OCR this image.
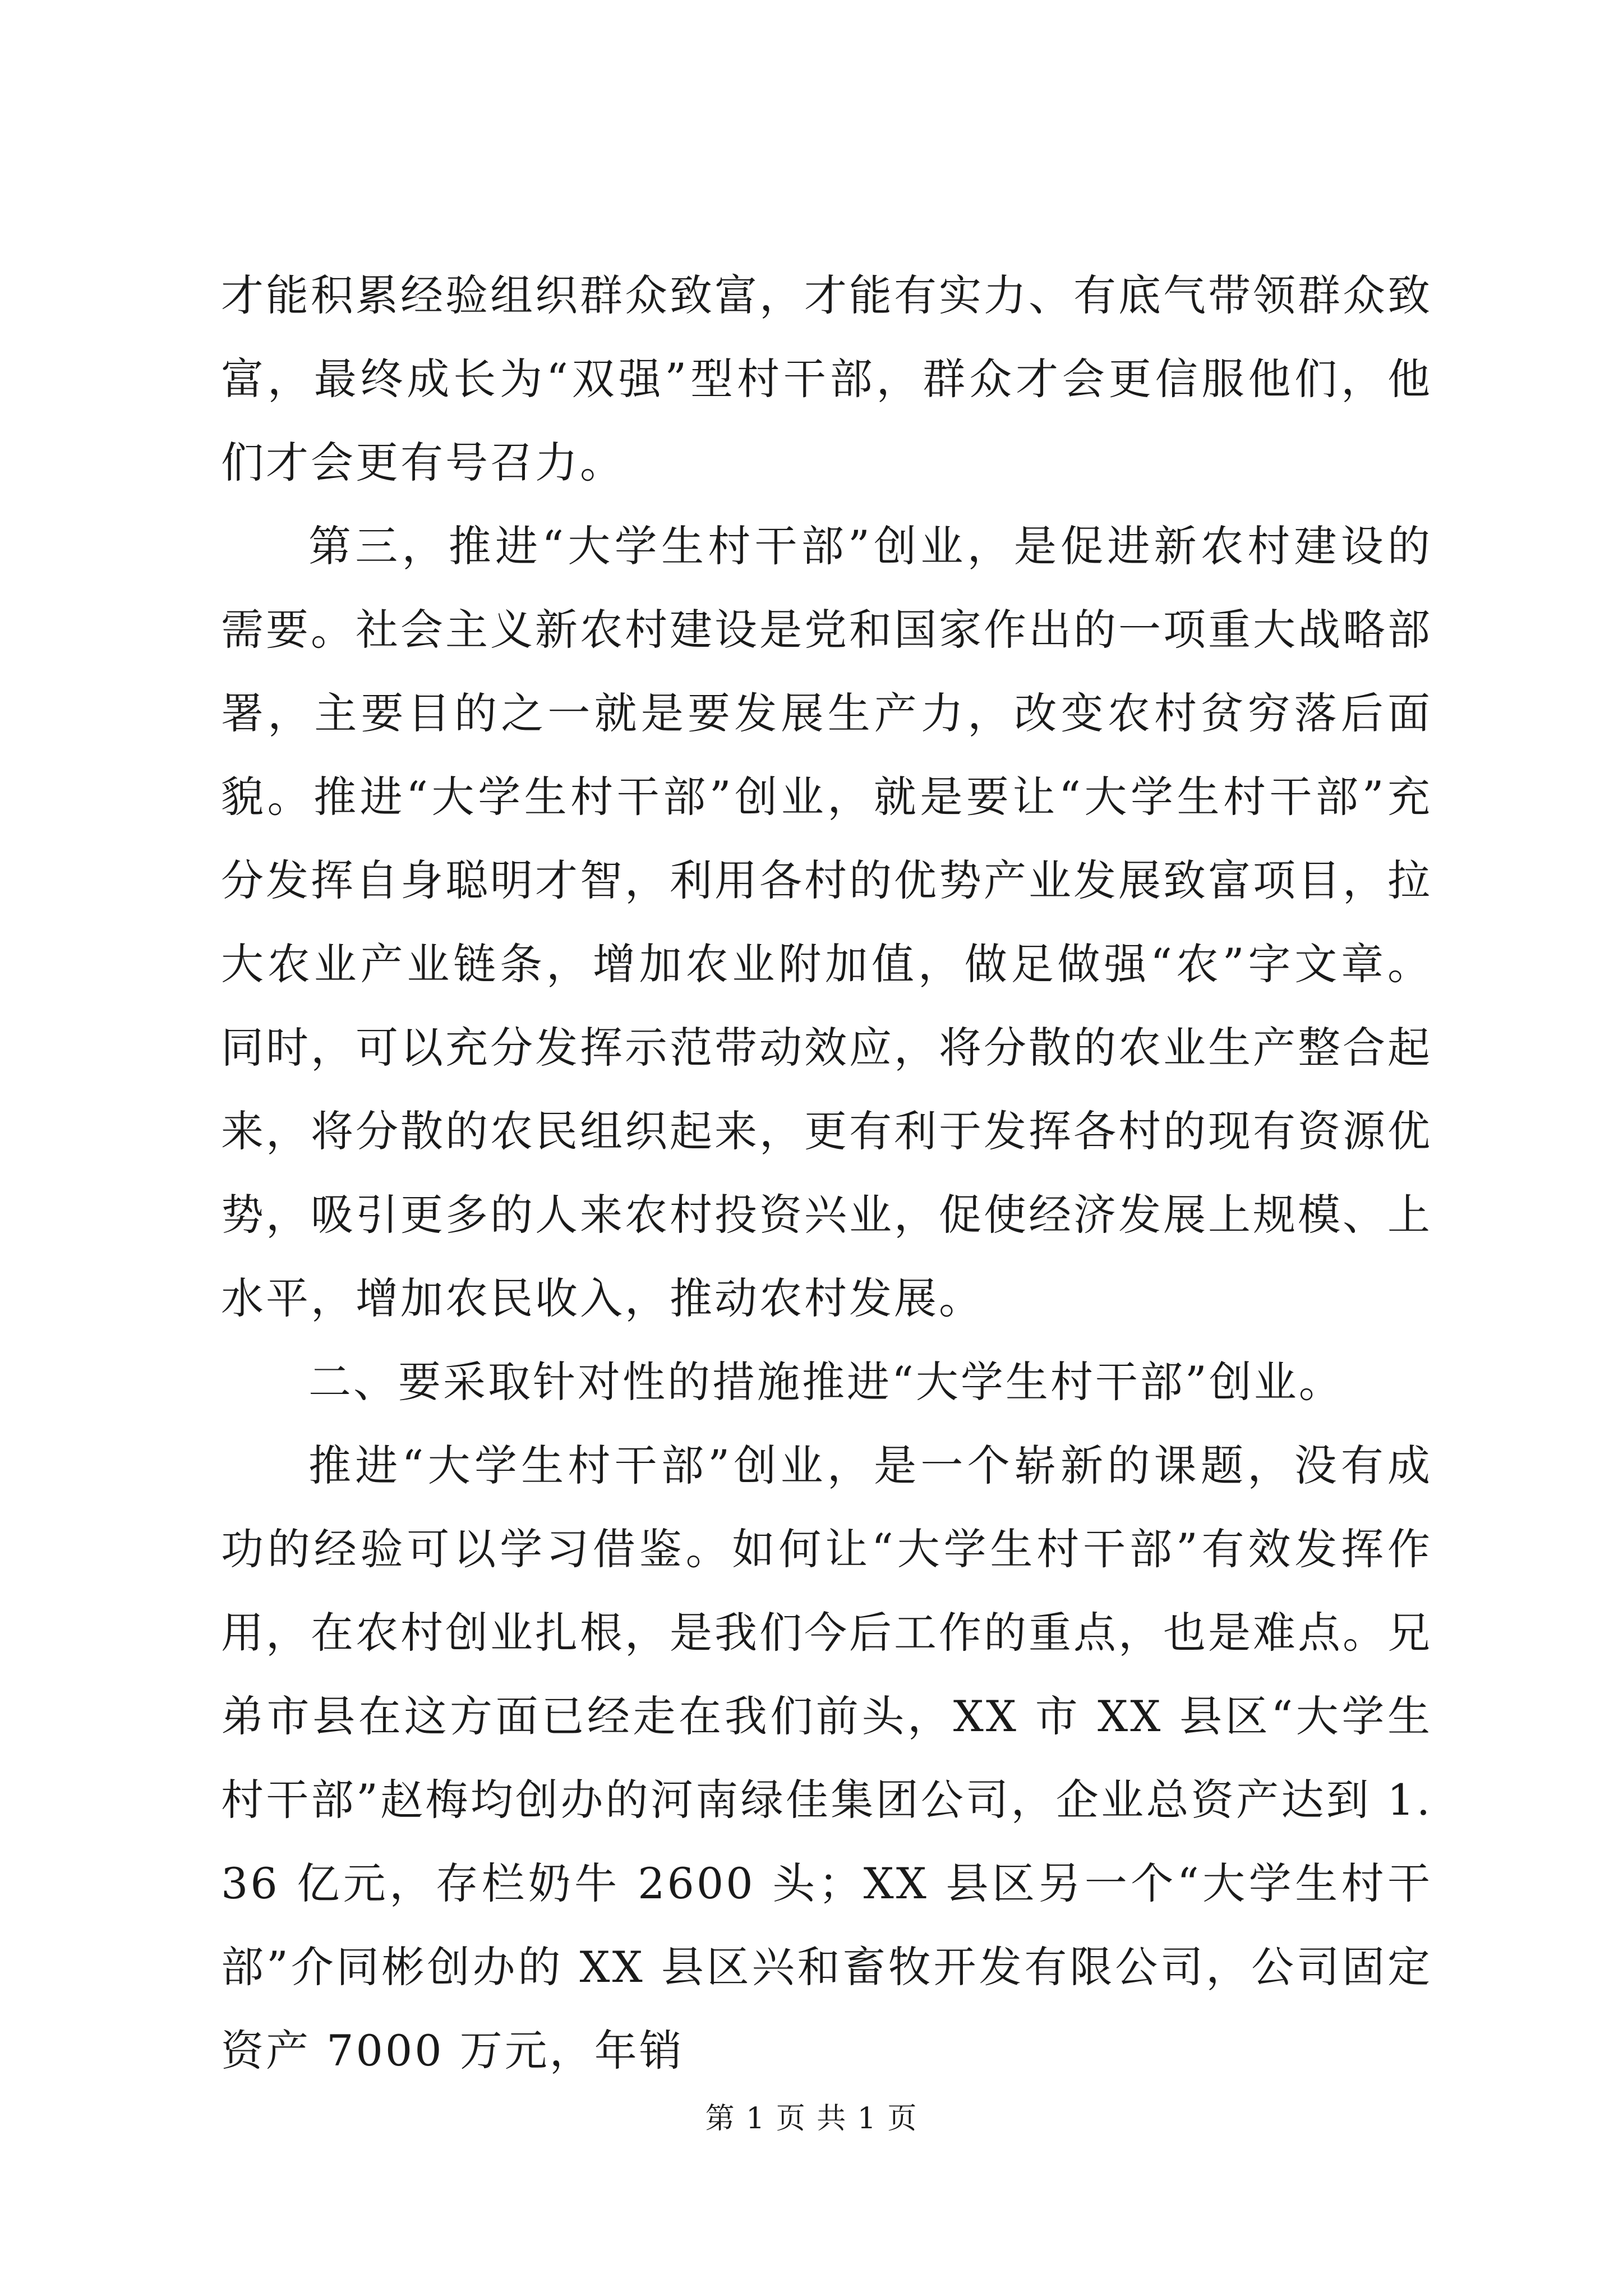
才能积累经验组织群众致富，才能有实力、有底气带领群众致富，最终成长为“双强”型村干部，群众才会更信服他们，他们才会更有号召力。

第三，推进“大学生村干部”创业，是促进新农村建设的需要。社会主义新农村建设是党和国家作出的一项重大战略部署，主要目的之一就是要发展生产力，改变农村贫穷落后面貌。推进“大学生村干部”创业，就是要让“大学生村干部”充分发挥自身聪明才智，利用各村的优势产业发展致富项目，拉大农业产业链条，增加农业附加值，做足做强“农”字文章。同时，可以充分发挥示范带动效应，将分散的农业生产整合起来，将分散的农民组织起来，更有利于发挥各村的现有资源优势，吸引更多的人来农村投资兴业，促使经济发展上规模、上水平，增加农民收入，推动农村发展。

二、要采取针对性的措施推进“大学生村干部”创业。

推进“大学生村干部”创业，是一个崭新的课题，没有成功的经验可以学习借鉴。如何让“大学生村干部”有效发挥作用，在农村创业扎根，是我们今后工作的重点，也是难点。兄弟市县在这方面已经走在我们前头，XX 市 XX 县区“大学生村干部”赵梅均创办的河南绿佳集团公司，企业总资产达到 1.36 亿元，存栏奶牛 2600 头；XX 县区另一个“大学生村干部”介同彬创办的 XX 县区兴和畜牧开发有限公司，公司固定资产 7000 万元，年销

第 1 页 共 1 页
